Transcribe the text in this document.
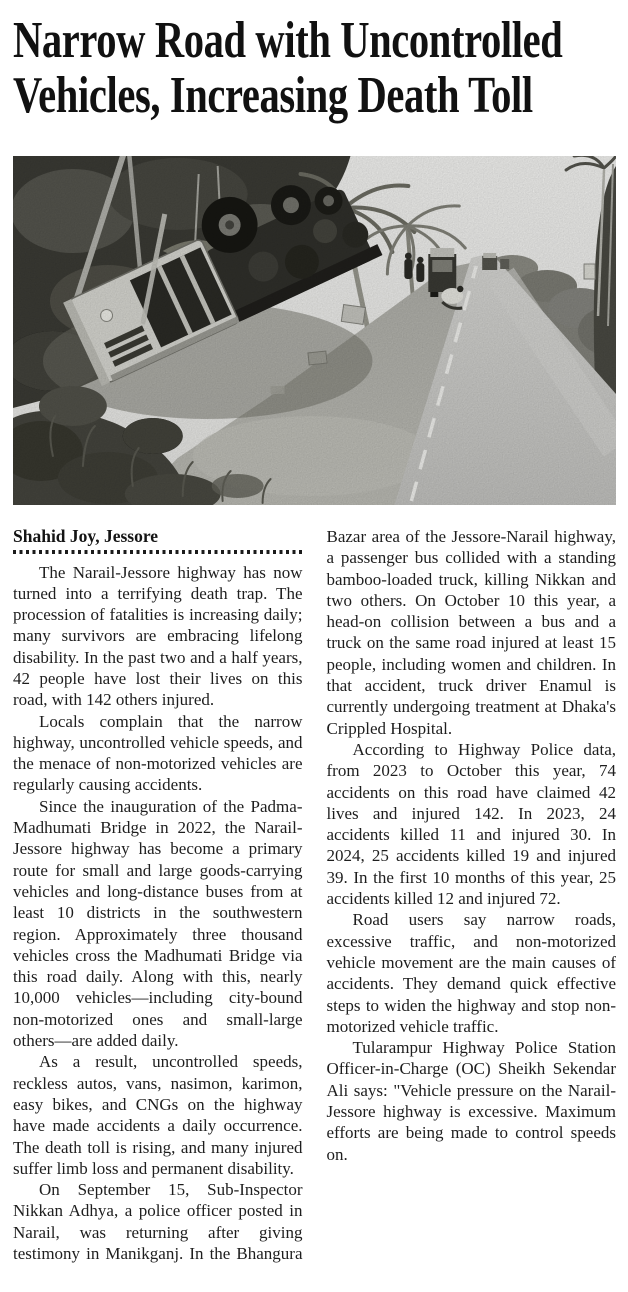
Narrow Road with Uncontrolled
Vehicles, Increasing Death Toll
Shahid Joy, Jessore

The Narail-Jessore highway has now turned into a terrifying death trap. The procession of fatalities is increasing daily; many survivors are embracing lifelong disability. In the past two and a half years, 42 people have lost their lives on this road, with 142 others injured.

Locals complain that the narrow highway, uncontrolled vehicle speeds, and the menace of non-motorized vehicles are regularly causing accidents.

Since the inauguration of the Padma-Madhumati Bridge in 2022, the Narail-Jessore highway has become a primary route for small and large goods-carrying vehicles and long-distance buses from at least 10 districts in the southwestern region. Approximately three thousand vehicles cross the Madhumati Bridge via this road daily. Along with this, nearly 10,000 vehicles—including city-bound non-motorized ones and small-large others—are added daily.

As a result, uncontrolled speeds, reckless autos, vans, nasimon, karimon, easy bikes, and CNGs on the highway have made accidents a daily occurrence. The death toll is rising, and many injured suffer limb loss and permanent disability.

On September 15, Sub-Inspector Nikkan Adhya, a police officer posted in Narail, was returning after giving testimony in Manikganj. In the Bhangura Bazar area of the Jessore-Narail highway, a passenger bus collided with a standing bamboo-loaded truck, killing Nikkan and two others. On October 10 this year, a head-on collision between a bus and a truck on the same road injured at least 15 people, including women and children. In that accident, truck driver Enamul is currently undergoing treatment at Dhaka's Crippled Hospital.

According to Highway Police data, from 2023 to October this year, 74 accidents on this road have claimed 42 lives and injured 142. In 2023, 24 accidents killed 11 and injured 30. In 2024, 25 accidents killed 19 and injured 39. In the first 10 months of this year, 25 accidents killed 12 and injured 72.

Road users say narrow roads, excessive traffic, and non-motorized vehicle movement are the main causes of accidents. They demand quick effective steps to widen the highway and stop non-motorized vehicle traffic.

Tularampur Highway Police Station Officer-in-Charge (OC) Sheikh Sekendar Ali says: "Vehicle pressure on the Narail-Jessore highway is excessive. Maximum efforts are being made to control speeds on.
